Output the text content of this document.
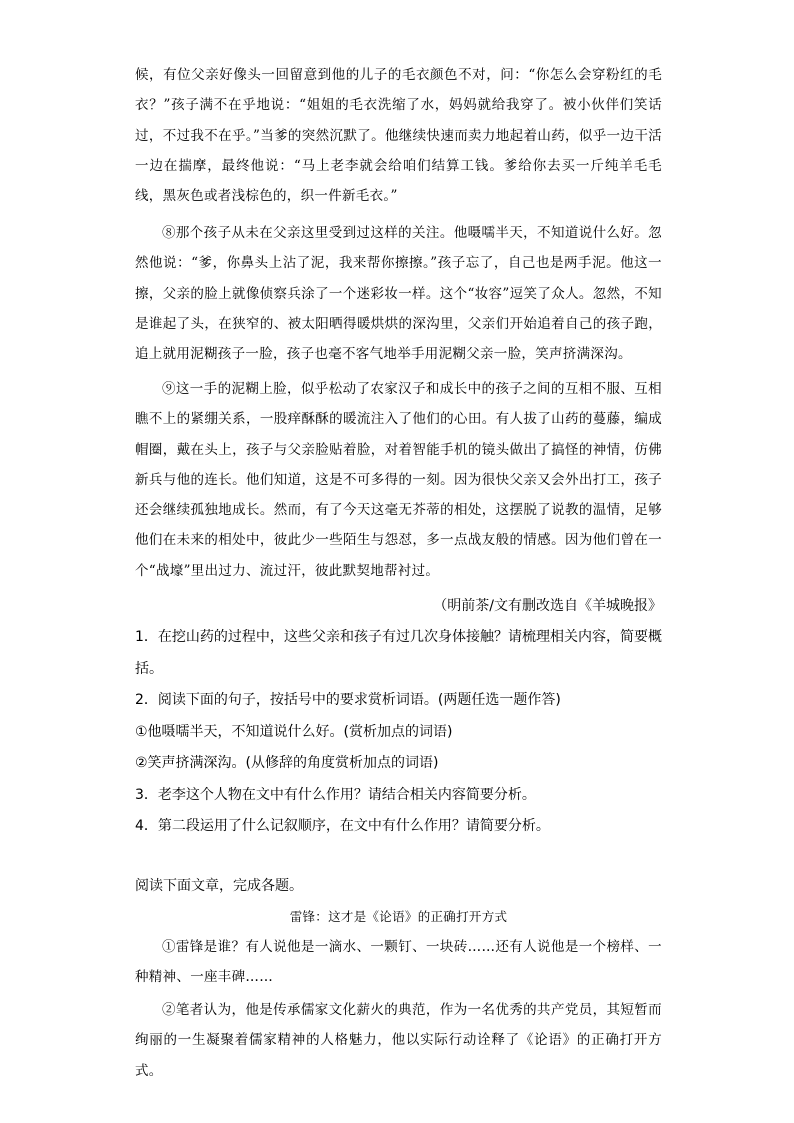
候，有位父亲好像头一回留意到他的儿子的毛衣颜色不对，问：“你怎么会穿粉红的毛衣？”孩子满不在乎地说：“姐姐的毛衣洗缩了水，妈妈就给我穿了。被小伙伴们笑话过，不过我不在乎。”当爹的突然沉默了。他继续快速而卖力地起着山药，似乎一边干活一边在揣摩，最终他说：“马上老李就会给咱们结算工钱。爹给你去买一斤纯羊毛毛线，黑灰色或者浅棕色的，织一件新毛衣。”

⑧那个孩子从未在父亲这里受到过这样的关注。他嗫嚅半天，不知道说什么好。忽然他说：“爹，你鼻头上沾了泥，我来帮你擦擦。”孩子忘了，自己也是两手泥。他这一擦，父亲的脸上就像侦察兵涂了一个迷彩妆一样。这个“妆容”逗笑了众人。忽然，不知是谁起了头，在狭窄的、被太阳晒得暖烘烘的深沟里，父亲们开始追着自己的孩子跑，追上就用泥糊孩子一脸，孩子也毫不客气地举手用泥糊父亲一脸，笑声挤满深沟。

⑨这一手的泥糊上脸，似乎松动了农家汉子和成长中的孩子之间的互相不服、互相瞧不上的紧绷关系，一股痒酥酥的暖流注入了他们的心田。有人拔了山药的蔓藤，编成帽圈，戴在头上，孩子与父亲脸贴着脸，对着智能手机的镜头做出了搞怪的神情，仿佛新兵与他的连长。他们知道，这是不可多得的一刻。因为很快父亲又会外出打工，孩子还会继续孤独地成长。然而，有了今天这毫无芥蒂的相处，这摆脱了说教的温情，足够他们在未来的相处中，彼此少一些陌生与怨怼，多一点战友般的情感。因为他们曾在一个“战壕”里出过力、流过汗，彼此默契地帮衬过。

（明前茶/文有删改选自《羊城晚报》
1．在挖山药的过程中，这些父亲和孩子有过几次身体接触？请梳理相关内容，简要概括。
2．阅读下面的句子，按括号中的要求赏析词语。(两题任选一题作答)
①他嗫嚅半天，不知道说什么好。(赏析加点的词语)
②笑声挤满深沟。(从修辞的角度赏析加点的词语)
3．老李这个人物在文中有什么作用？请结合相关内容简要分析。
4．第二段运用了什么记叙顺序，在文中有什么作用？请简要分析。
阅读下面文章，完成各题。
雷锋：这才是《论语》的正确打开方式

①雷锋是谁？有人说他是一滴水、一颗钉、一块砖……还有人说他是一个榜样、一种精神、一座丰碑……

②笔者认为，他是传承儒家文化薪火的典范，作为一名优秀的共产党员，其短暂而绚丽的一生凝聚着儒家精神的人格魅力，他以实际行动诠释了《论语》的正确打开方式。
